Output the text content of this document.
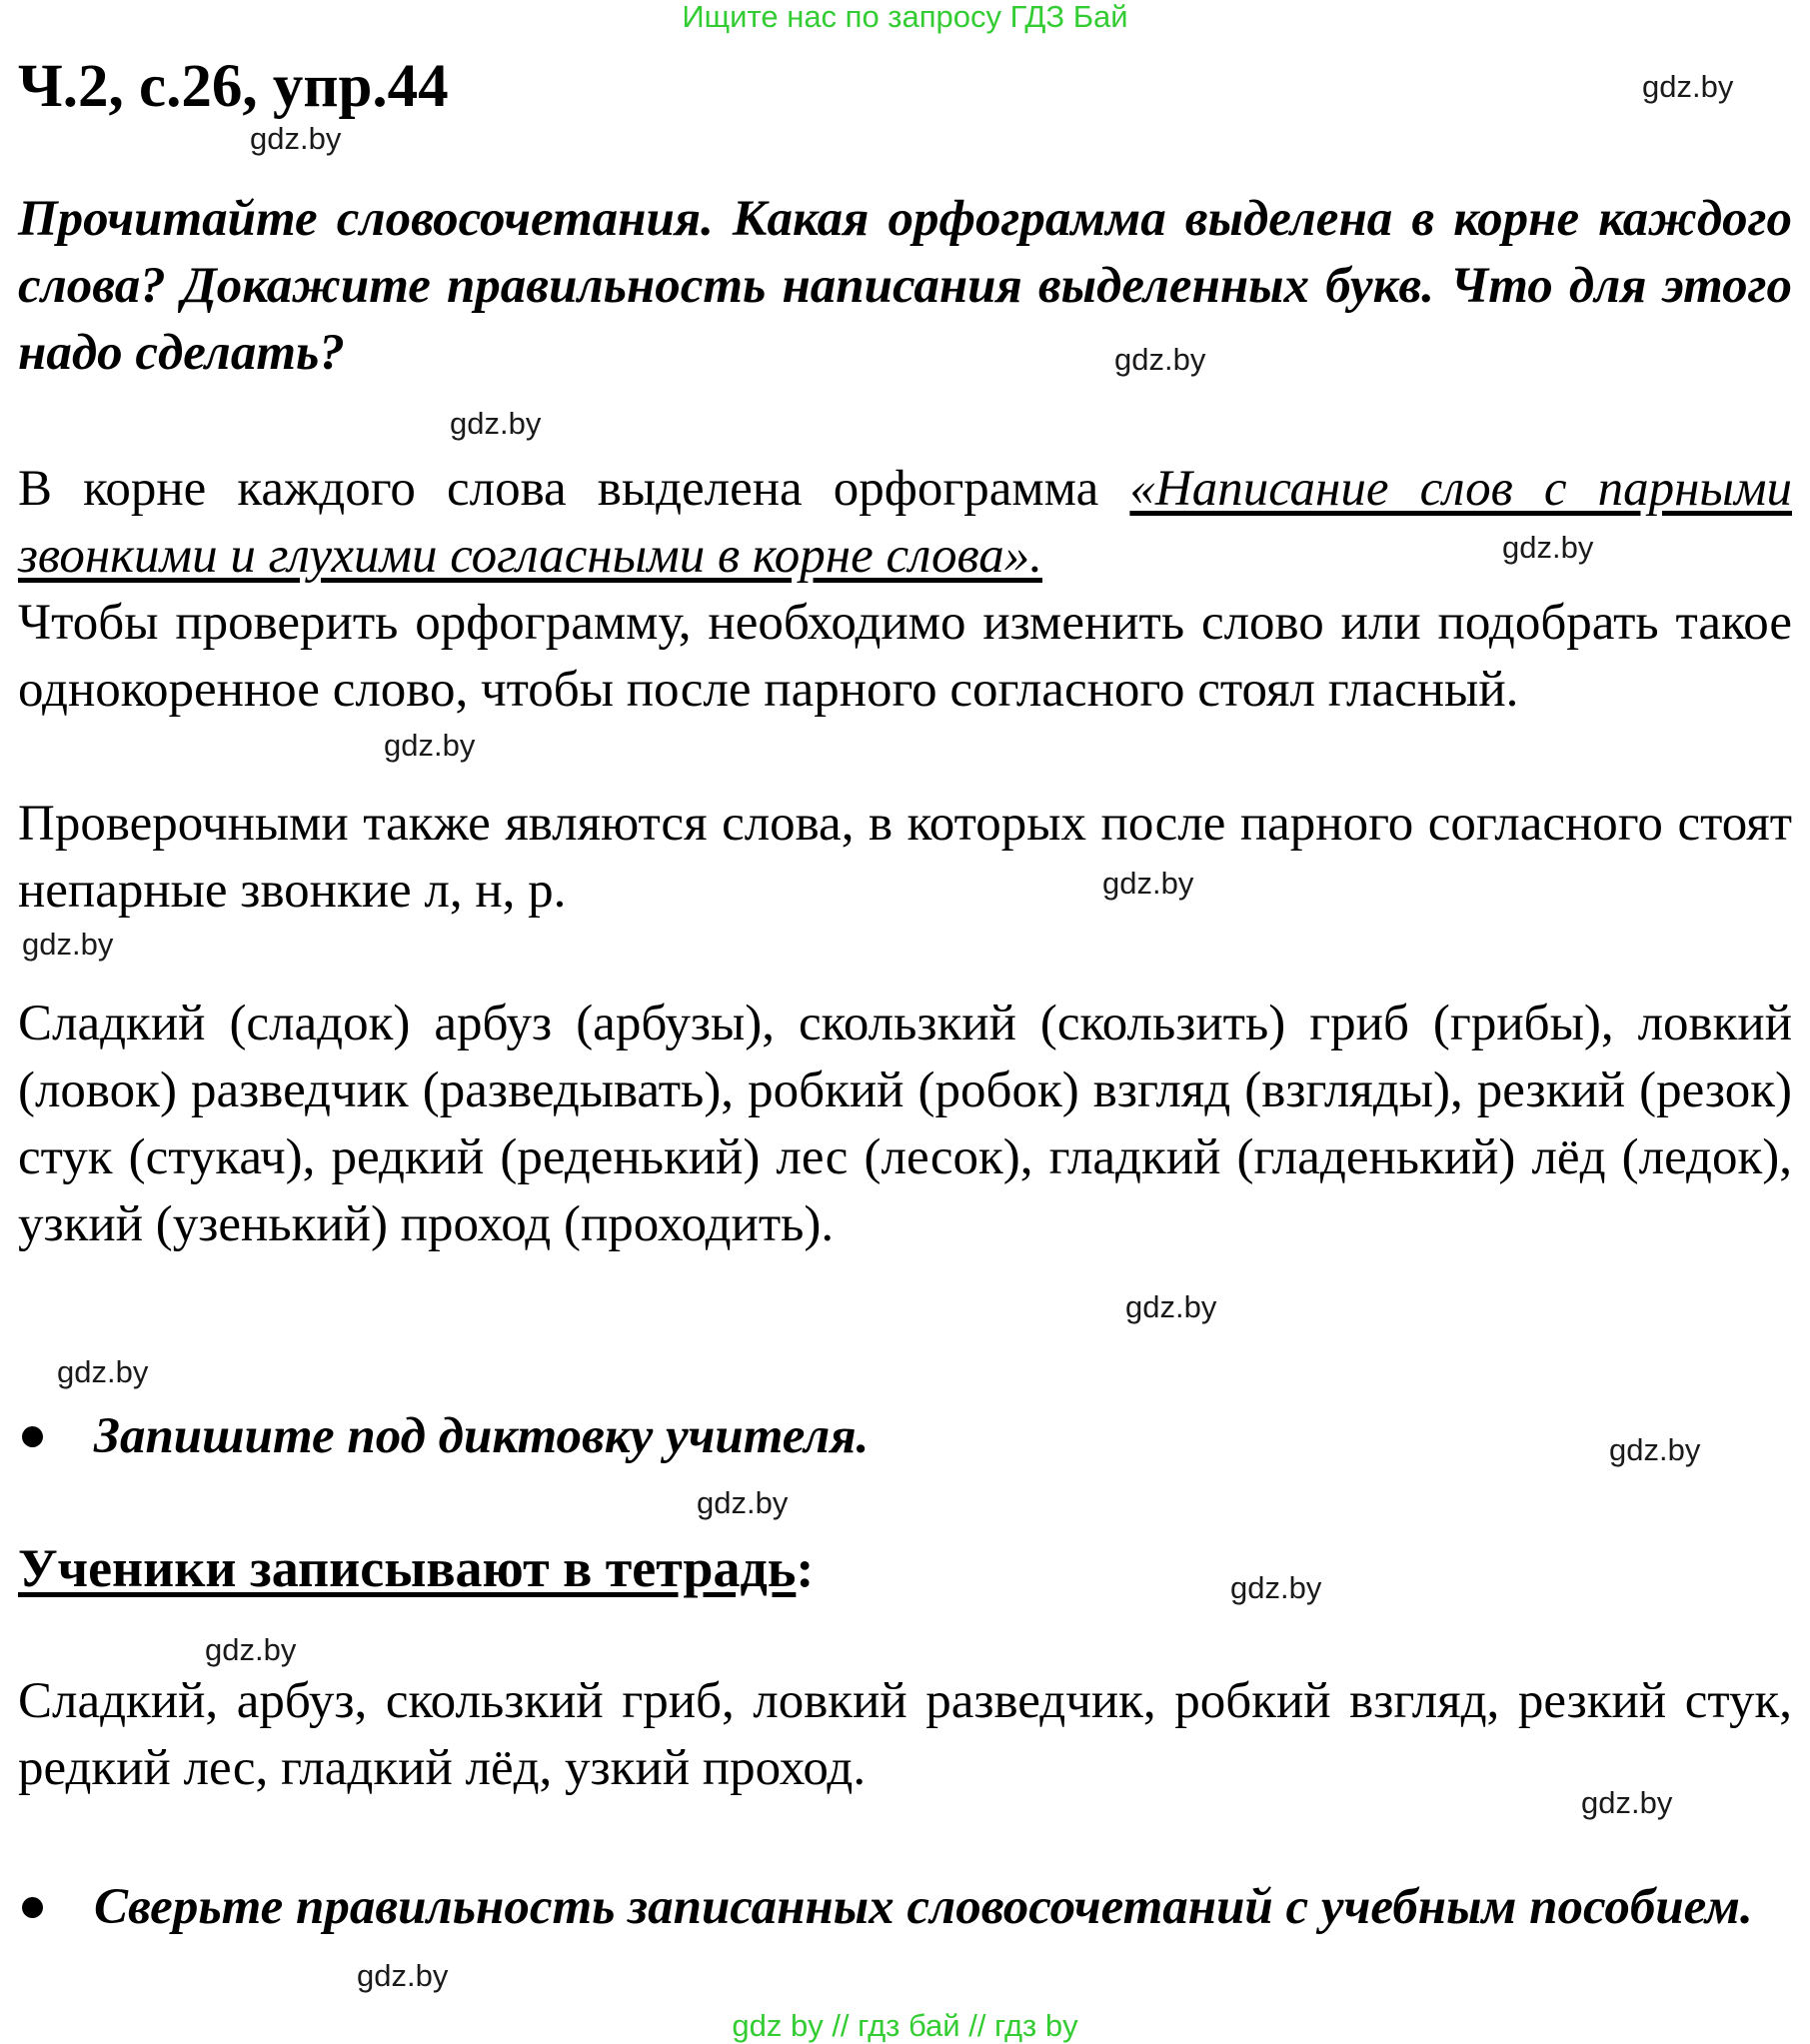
Ищите нас по запросу ГДЗ Бай
Ч.2, с.26, упр.44
Прочитайте словосочетания. Какая орфограмма выделена в корне каждого слова? Докажите правильность написания выделенных букв. Что для этого надо сделать?
В корне каждого слова выделена орфограмма «Написание слов с парными звонкими и глухими согласными в корне слова».
Чтобы проверить орфограмму, необходимо изменить слово или подобрать такое однокоренное слово, чтобы после парного согласного стоял гласный.
Проверочными также являются слова, в которых после парного согласного стоят непарные звонкие л, н, р.
Сладкий (сладок) арбуз (арбузы), скользкий (скользить) гриб (грибы), ловкий (ловок) разведчик (разведывать), робкий (робок) взгляд (взгляды), резкий (резок) стук (стукач), редкий (реденький) лес (лесок), гладкий (гладенький) лёд (ледок), узкий (узенький) проход (проходить).
Запишите под диктовку учителя.
Ученики записывают в тетрадь:
Сладкий, арбуз, скользкий гриб, ловкий разведчик, робкий взгляд, резкий стук, редкий лес, гладкий лёд, узкий проход.
Сверьте правильность записанных словосочетаний с учебным пособием.
gdz.by
gdz.by
gdz.by
gdz.by
gdz.by
gdz.by
gdz.by
gdz.by
gdz.by
gdz.by
gdz.by
gdz.by
gdz.by
gdz.by
gdz.by
gdz.by
gdz by // гдз бай // гдз by
